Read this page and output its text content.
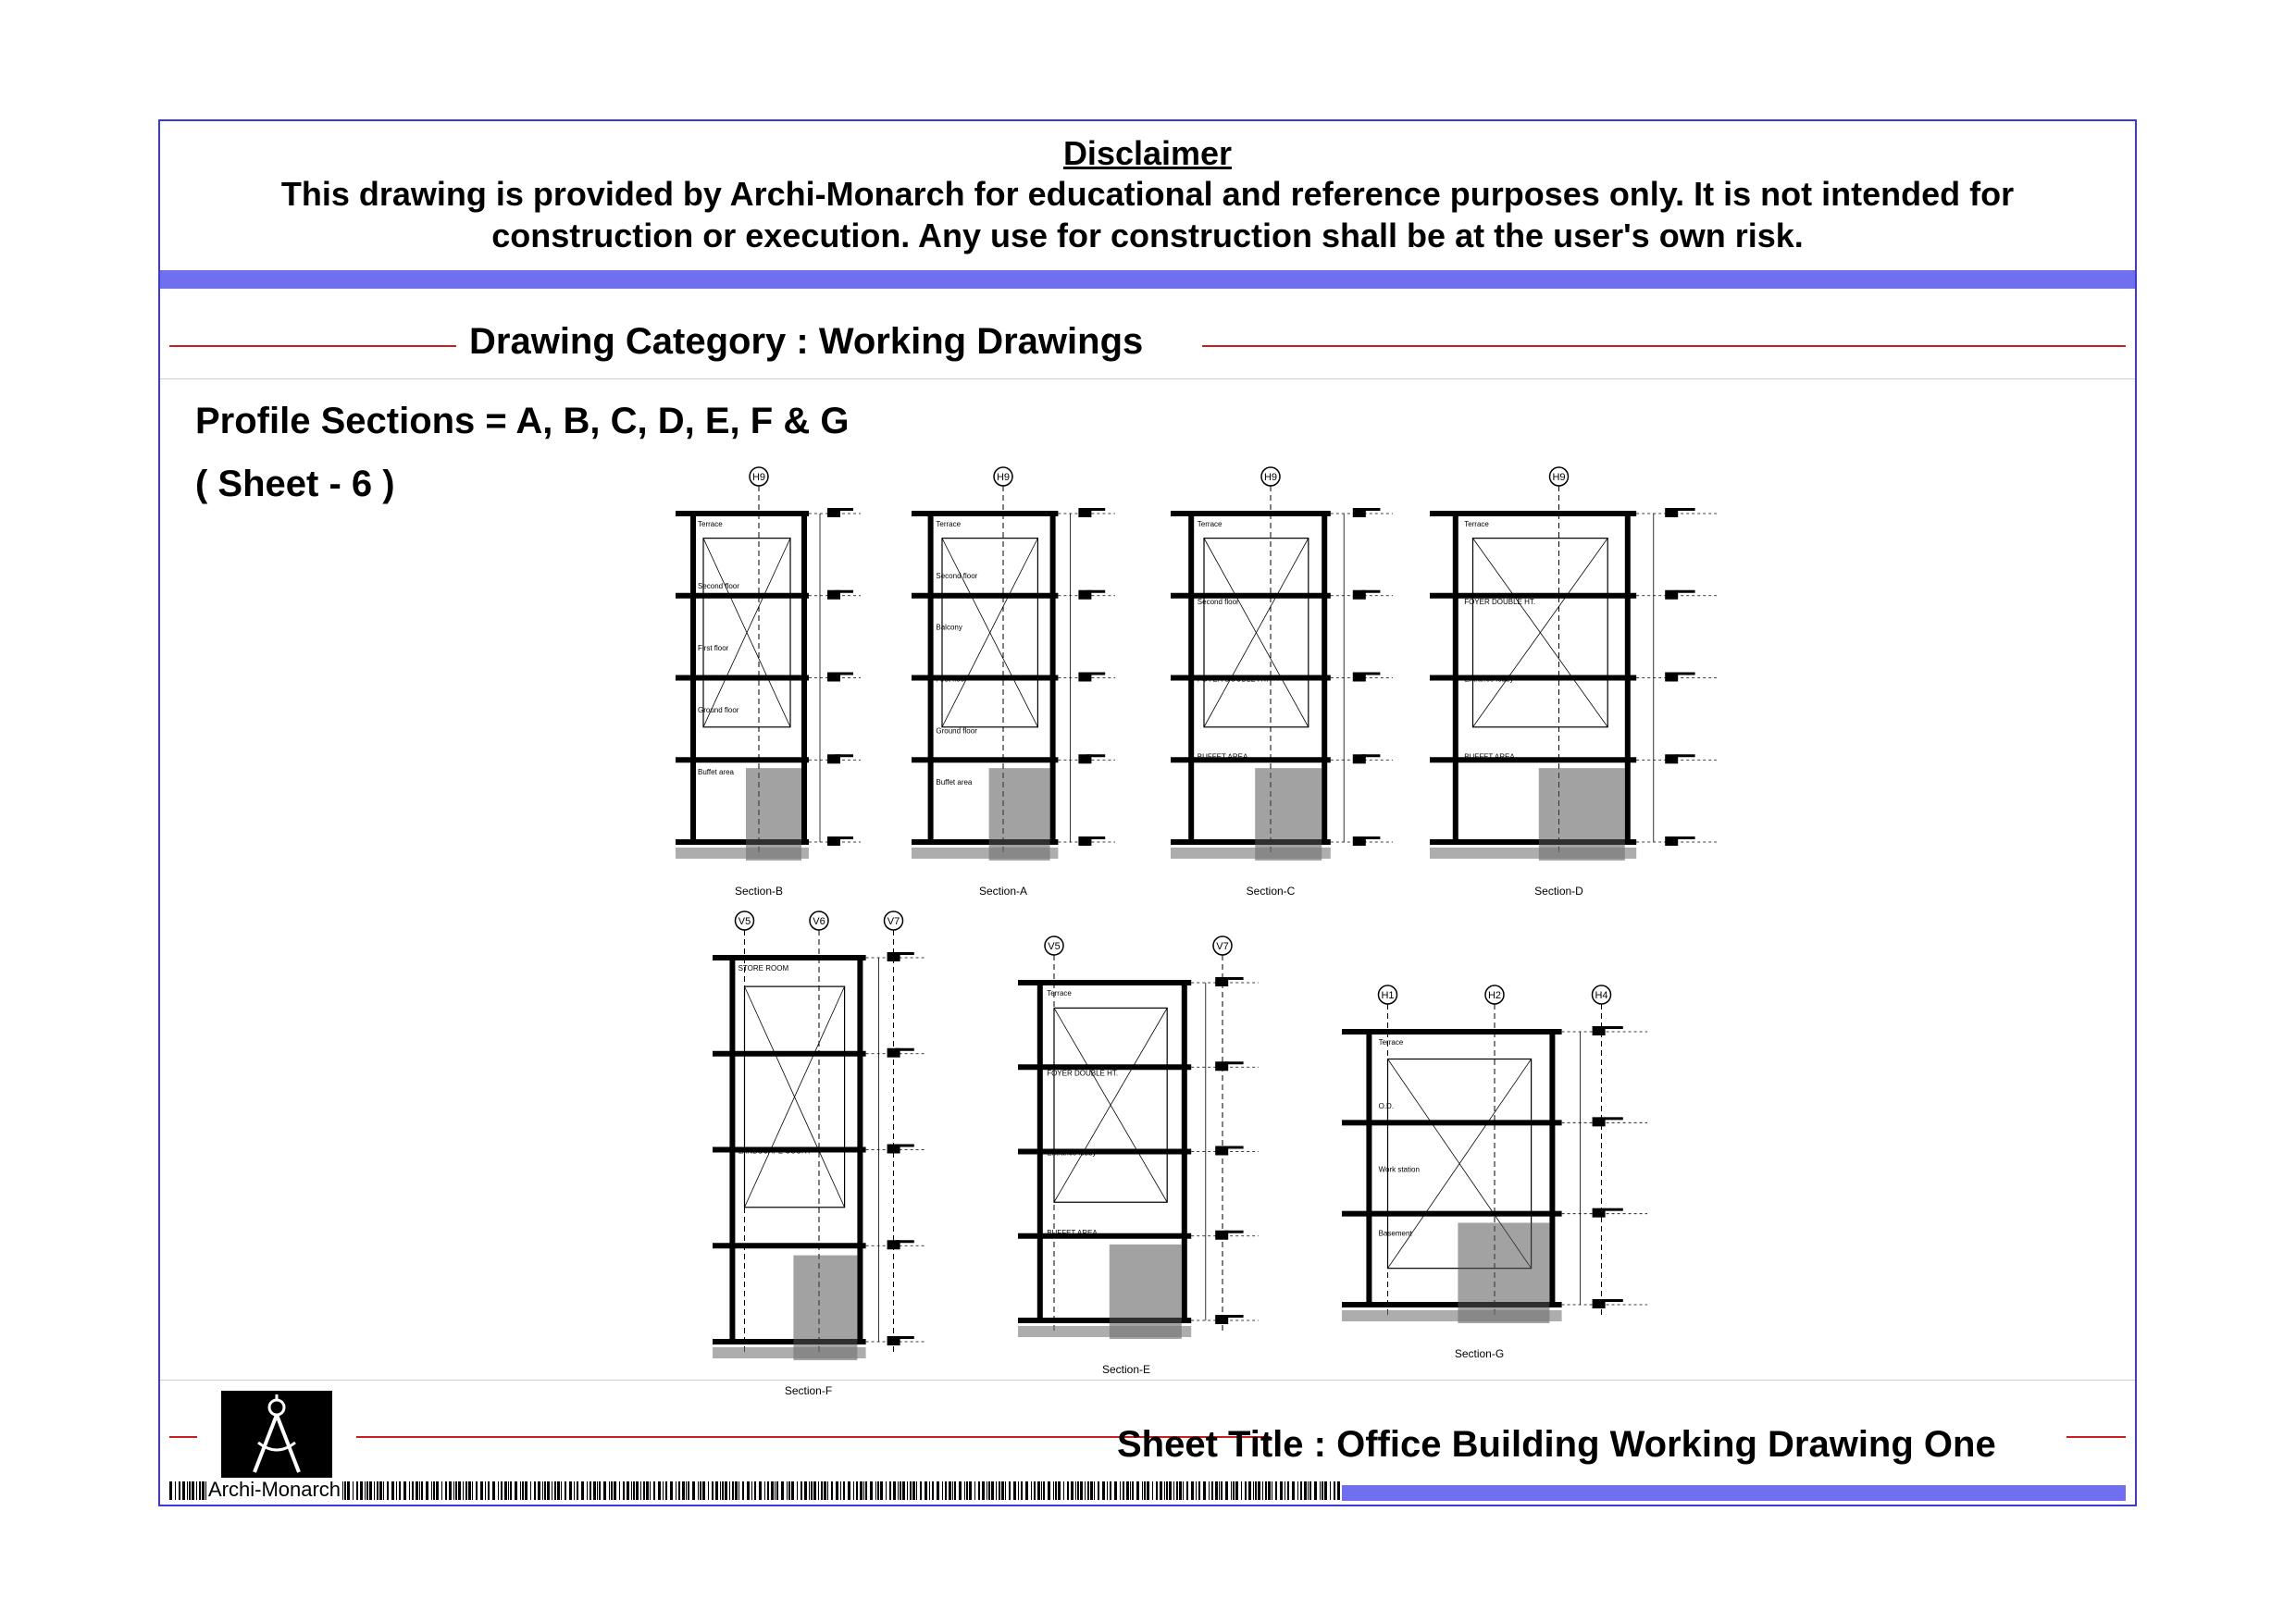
Disclaimer
This drawing is provided by Archi-Monarch for educational and reference purposes only. It is not intended for
construction or execution. Any use for construction shall be at the user's own risk.
Drawing Category : Working Drawings
Profile Sections = A, B, C, D, E, F & G
( Sheet - 6 )
Sheet Title : Office Building Working Drawing One
Archi-Monarch
H9
Terrace
Second floor
First floor
Ground floor
Buffet area
Section-B
H9
Terrace
Second floor
Balcony
First floor
Ground floor
Buffet area
Section-A
H9
Terrace
Second floor
FOYER DOUBLE HT.
BUFFET AREA
Section-C
H9
Terrace
FOYER DOUBLE HT.
Entrance lobby
BUFFET AREA
Section-D
V5	V6	V7
STORE ROOM
LANDSCAPE COURT
Section-F
V5	V7
Terrace
FOYER DOUBLE HT.
Entrance lobby
BUFFET AREA
Section-E
H1	H2	H4
Terrace
O.D.
Work station
Basement
Section-G
